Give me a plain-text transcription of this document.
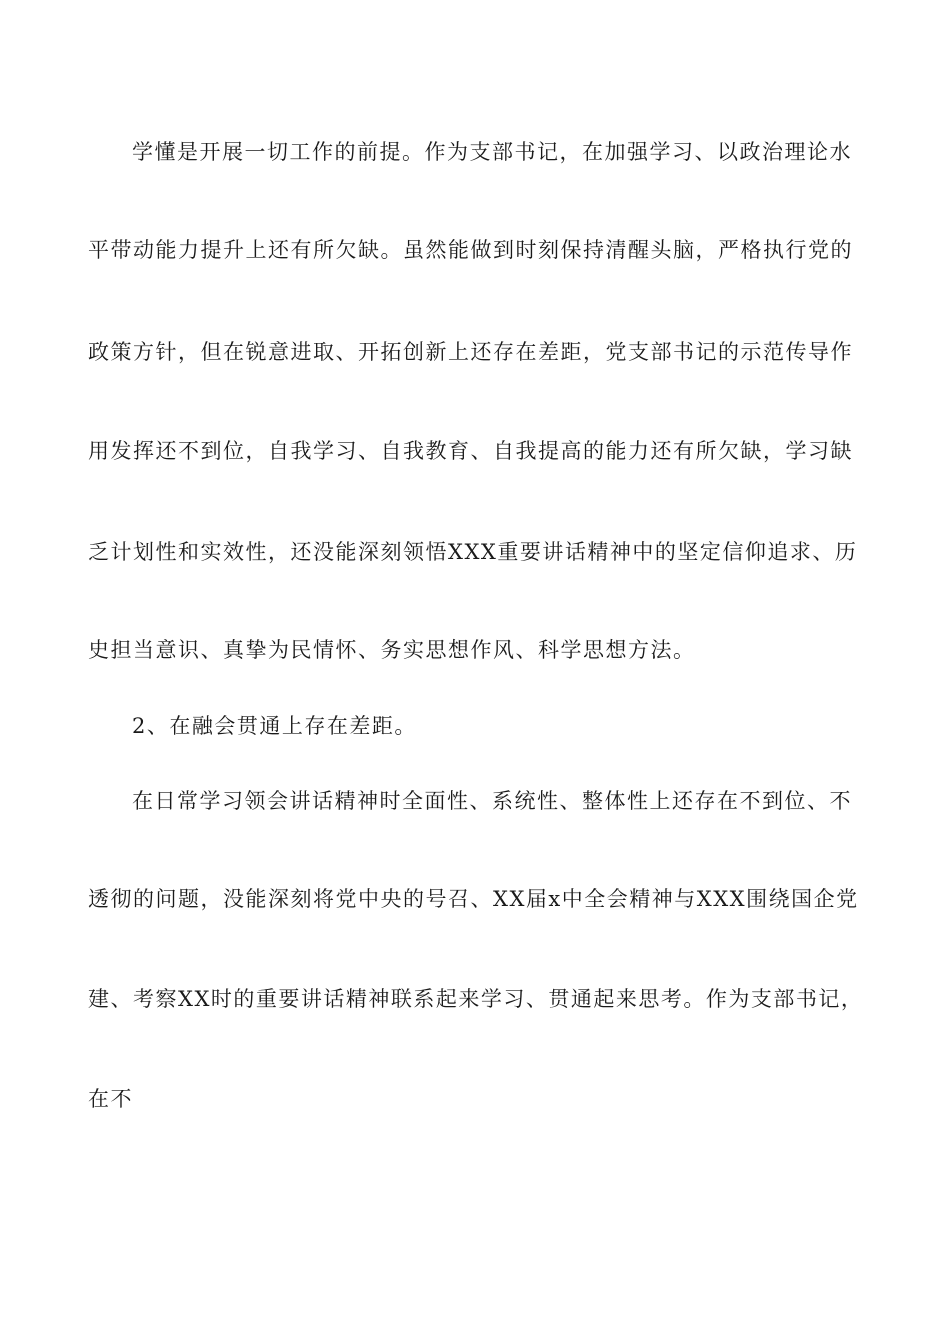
学懂是开展一切工作的前提。作为支部书记，在加强学习、以政治理论水
平带动能力提升上还有所欠缺。虽然能做到时刻保持清醒头脑，严格执行党的
政策方针，但在锐意进取、开拓创新上还存在差距，党支部书记的示范传导作
用发挥还不到位，自我学习、自我教育、自我提高的能力还有所欠缺，学习缺
乏计划性和实效性，还没能深刻领悟XXX重要讲话精神中的坚定信仰追求、历
史担当意识、真挚为民情怀、务实思想作风、科学思想方法。
2、在融会贯通上存在差距。
在日常学习领会讲话精神时全面性、系统性、整体性上还存在不到位、不
透彻的问题，没能深刻将党中央的号召、XX届x中全会精神与XXX围绕国企党
建、考察XX时的重要讲话精神联系起来学习、贯通起来思考。作为支部书记，
在不
